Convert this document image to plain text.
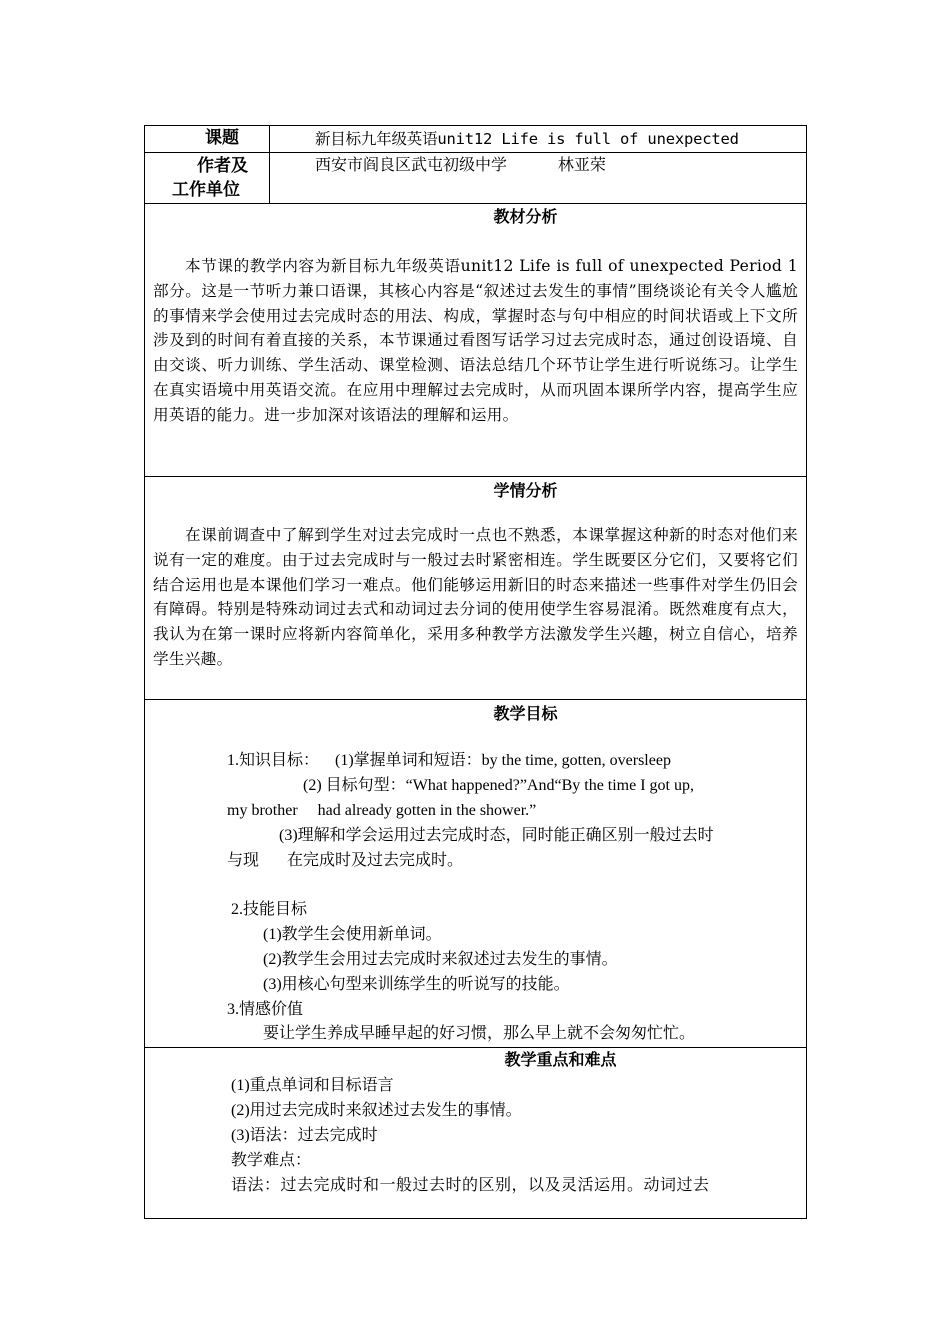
课题	新目标九年级英语unit12 Life is full of unexpected
作者及
工作单位
西安市阎良区武屯初级中学          林亚荣
教材分析

本节课的教学内容为新目标九年级英语unit12 Life is full of unexpected Period 1 部分。这是一节听力兼口语课，其核心内容是“叙述过去发生的事情”围绕谈论有关令人尴尬的事情来学会使用过去完成时态的用法、构成，掌握时态与句中相应的时间状语或上下文所涉及到的时间有着直接的关系，本节课通过看图写话学习过去完成时态，通过创设语境、自由交谈、听力训练、学生活动、课堂检测、语法总结几个环节让学生进行听说练习。让学生在真实语境中用英语交流。在应用中理解过去完成时，从而巩固本课所学内容，提高学生应用英语的能力。进一步加深对该语法的理解和运用。

学情分析

在课前调查中了解到学生对过去完成时一点也不熟悉，本课掌握这种新的时态对他们来说有一定的难度。由于过去完成时与一般过去时紧密相连。学生既要区分它们，又要将它们结合运用也是本课他们学习一难点。他们能够运用新旧的时态来描述一些事件对学生仍旧会有障碍。特别是特殊动词过去式和动词过去分词的使用使学生容易混淆。既然难度有点大，我认为在第一课时应将新内容简单化，采用多种教学方法激发学生兴趣，树立自信心，培养学生兴趣。

教学目标
1.知识目标：    (1)掌握单词和短语：by the time, gotten, oversleep
(2) 目标句型：“What happened?”And“By the time I got up,
my brother     had already gotten in the shower.”
(3)理解和学会运用过去完成时态，同时能正确区别一般过去时
与现       在完成时及过去完成时。
2.技能目标
(1)教学生会使用新单词。
(2)教学生会用过去完成时来叙述过去发生的事情。
(3)用核心句型来训练学生的听说写的技能。
3.情感价值
要让学生养成早睡早起的好习惯，那么早上就不会匆匆忙忙。
教学重点和难点
(1)重点单词和目标语言
(2)用过去完成时来叙述过去发生的事情。
(3)语法：过去完成时
教学难点：
语法：过去完成时和一般过去时的区别，以及灵活运用。动词过去
